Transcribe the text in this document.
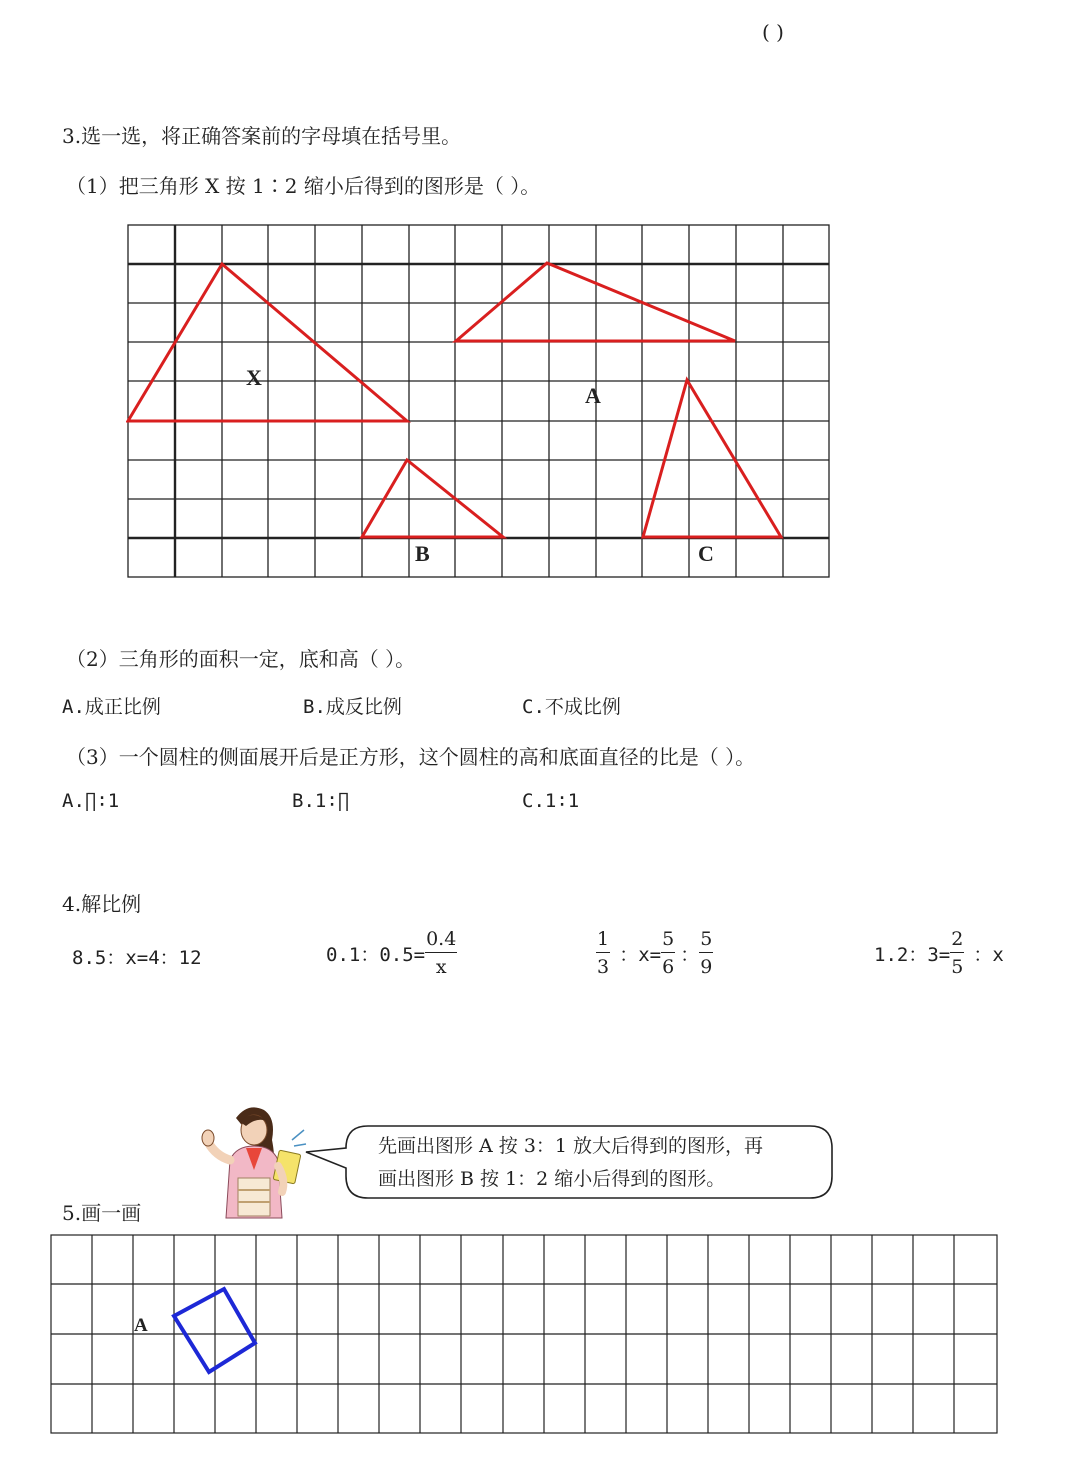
( )
3.选一选，将正确答案前的字母填在括号里。
（1）把三角形 X 按 1∶2 缩小后得到的图形是（ ）。
X
A
B	C
（2）三角形的面积一定，底和高（ ）。
A.成正比例	B.成反比例	C.不成比例
（3）一个圆柱的侧面展开后是正方形，这个圆柱的高和底面直径的比是（ ）。
A.∏∶1	B.1∶∏	C.1∶1
4.解比例
8.5：x=4：12	0.1：$0.5= \frac{0.4}{x}$	$\frac{1}{3}$ ：$x= \frac{5}{6}$ ： $\frac{5}{9}$	1.2：$3= \frac{2}{5}$ ：x
先画出图形 A 按 3：1 放大后得到的图形，再
画出图形 B 按 1：2 缩小后得到的图形。
5.画一画
A
